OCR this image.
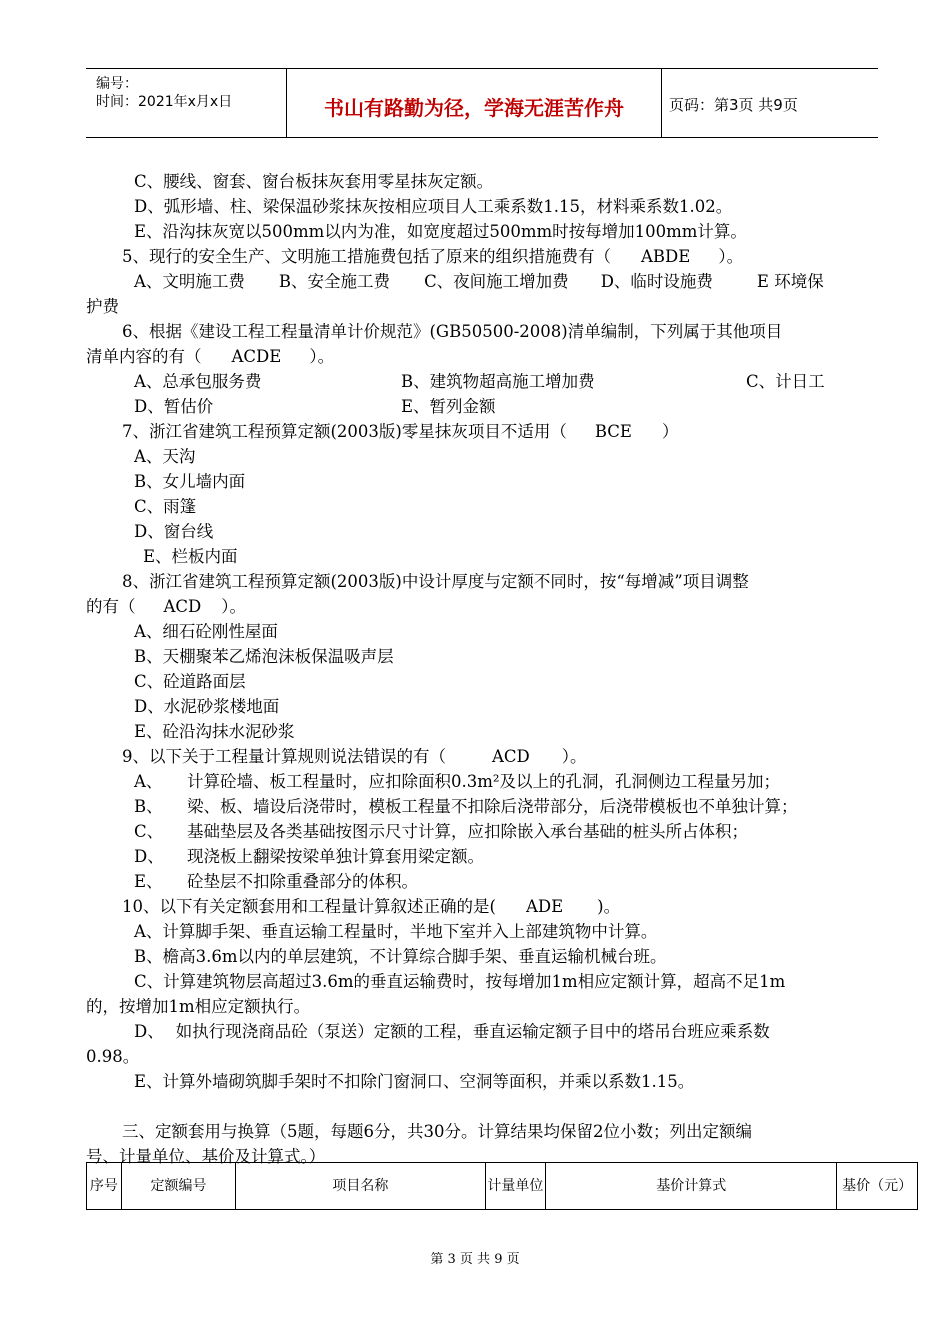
编号：
时间：2021年x月x日	书山有路勤为径，学海无涯苦作舟	页码：第3页 共9页
C、腰线、窗套、窗台板抹灰套用零星抹灰定额。
D、弧形墙、柱、梁保温砂浆抹灰按相应项目人工乘系数1.15，材料乘系数1.02。
E、沿沟抹灰宽以500mm以内为准，如宽度超过500mm时按每增加100mm计算。
5、现行的安全生产、文明施工措施费包括了原来的组织措施费有（ ABDE ）。
A、文明施工费 B、安全施工费 C、夜间施工增加费 D、临时设施费	E 环境保
护费
6、根据《建设工程工程量清单计价规范》(GB50500-2008)清单编制，下列属于其他项目
清单内容的有（ ACDE ）。
A、总承包服务费	B、建筑物超高施工增加费	C、计日工
D、暂估价	E、暂列金额
7、浙江省建筑工程预算定额(2003版)零星抹灰项目不适用（ BCE ）
A、天沟
B、女儿墙内面
C、雨篷
D、窗台线
E、栏板内面
8、浙江省建筑工程预算定额(2003版)中设计厚度与定额不同时，按“每增减”项目调整
的有（ ACD ）。
A、细石砼刚性屋面
B、天棚聚苯乙烯泡沫板保温吸声层
C、砼道路面层
D、水泥砂浆楼地面
E、砼沿沟抹水泥砂浆
9、以下关于工程量计算规则说法错误的有（	ACD ）。
A、 计算砼墙、板工程量时，应扣除面积0.3m²及以上的孔洞，孔洞侧边工程量另加；
B、 梁、板、墙设后浇带时，模板工程量不扣除后浇带部分，后浇带模板也不单独计算；
C、 基础垫层及各类基础按图示尺寸计算，应扣除嵌入承台基础的桩头所占体积；
D、 现浇板上翻梁按梁单独计算套用梁定额。
E、 砼垫层不扣除重叠部分的体积。
10、以下有关定额套用和工程量计算叙述正确的是( ADE )。
A、计算脚手架、垂直运输工程量时，半地下室并入上部建筑物中计算。
B、檐高3.6m以内的单层建筑，不计算综合脚手架、垂直运输机械台班。
C、计算建筑物层高超过3.6m的垂直运输费时，按每增加1m相应定额计算，超高不足1m
的，按增加1m相应定额执行。
D、 如执行现浇商品砼（泵送）定额的工程，垂直运输定额子目中的塔吊台班应乘系数
0.98。
E、计算外墙砌筑脚手架时不扣除门窗洞口、空洞等面积，并乘以系数1.15。
三、定额套用与换算（5题，每题6分，共30分。计算结果均保留2位小数；列出定额编
号、计量单位、基价及计算式。）
序号	定额编号	项目名称	计量单位	基价计算式	基价（元）
第 3 页 共 9 页
